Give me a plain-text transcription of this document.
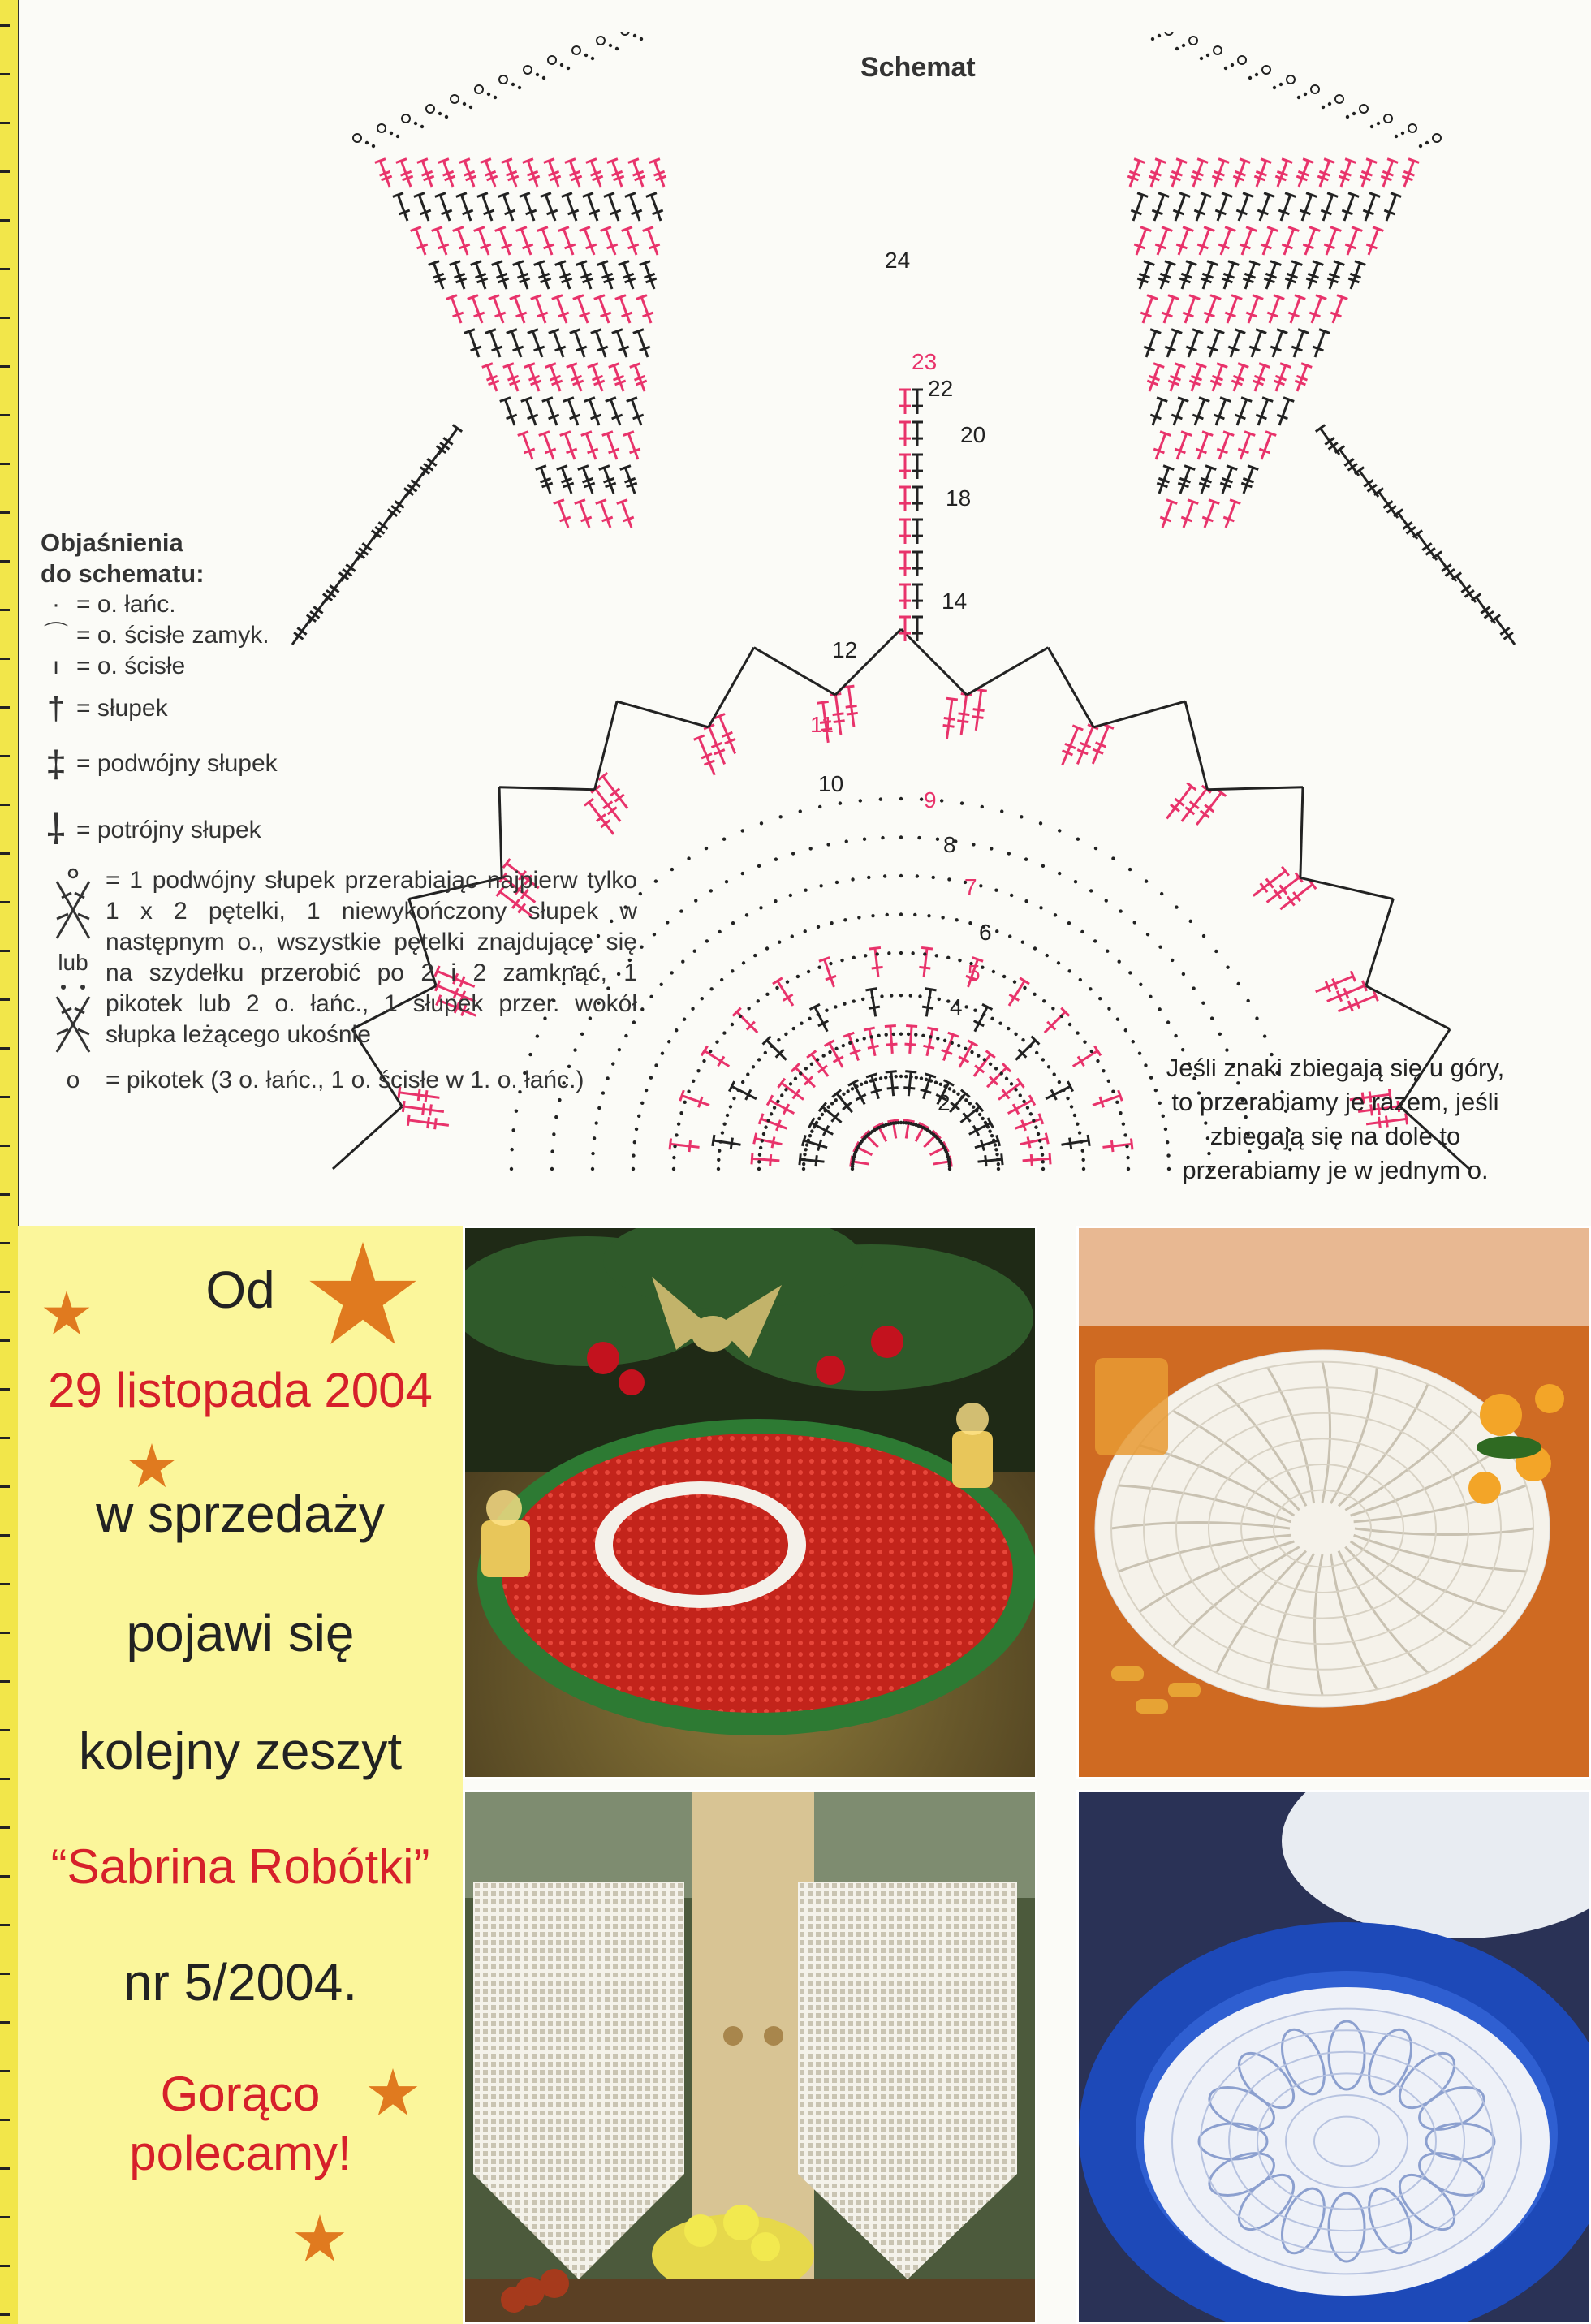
Schemat
24
23
22
20
18
14
12
11
10
9
8
7
6
5
4
2
Objaśnienia
do schematu:
· = o. łańc.
⌒ = o. ścisłe zamyk.
ı = o. ścisłe
† = słupek
‡ = podwójny słupek
⸸ = potrójny słupek
lub
= 1 podwójny słupek przerabiając najpierw tylko 1 x 2 pętelki, 1 niewykończony słupek w następnym o., wszystkie pętelki znajdujące się na szydełku przerobić po 2 i 2 zamknąć, 1 pikotek lub 2 o. łańc., 1 słupek przer. wokół słupka leżącego ukośnie
o	= pikotek (3 o. łańc., 1 o. ścisłe w 1. o. łańc.)	Jeśli znaki zbiegają się u góry, to przerabiamy je razem, jeśli zbiegają się na dole to przerabiamy je w jednym o.
Od
29 listopada 2004
w sprzedaży
pojawi się
kolejny zeszyt
“Sabrina Robótki”
nr 5/2004.
Gorąco
polecamy!
